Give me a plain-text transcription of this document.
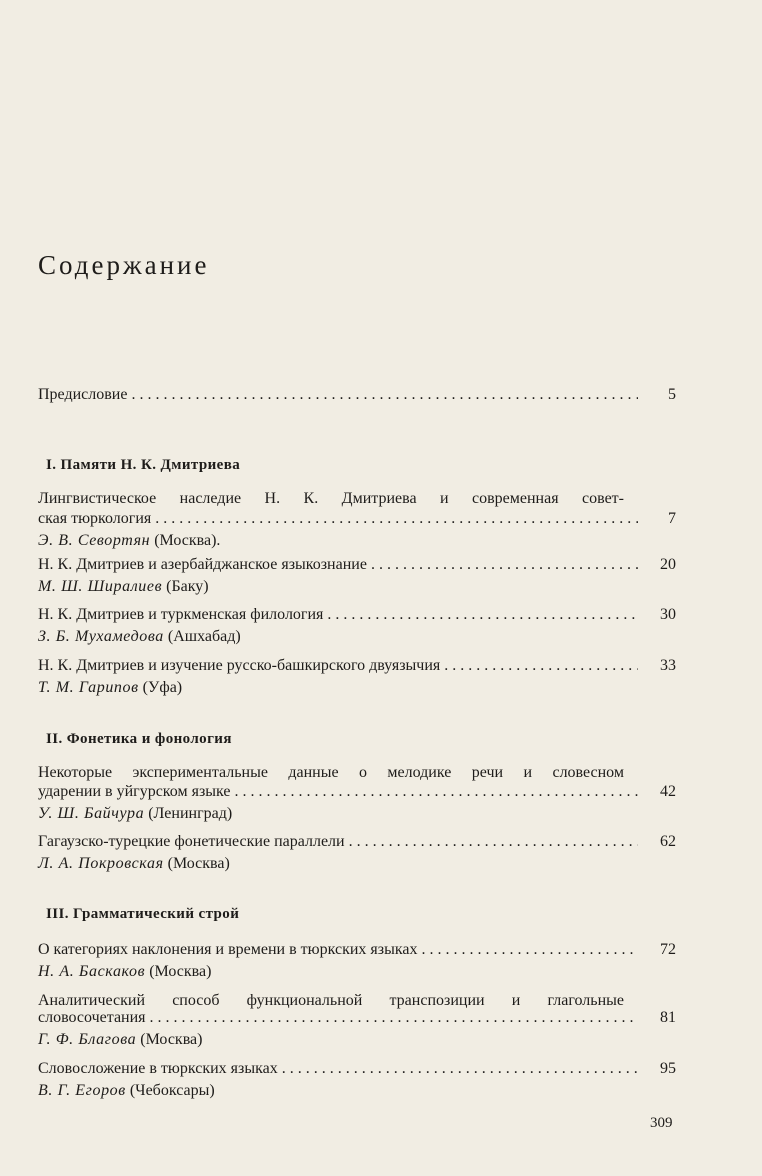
Содержание
Предисловие . . .	5
I. Памяти Н. К. Дмитриева
Лингвистическое наследие Н. К. Дмитриева и современная совет-
ская тюркология . . .	7
Э. В. Севортян (Москва).
Н. К. Дмитриев и азербайджанское языкознание . . .	20
М. Ш. Ширалиев (Баку)
Н. К. Дмитриев и туркменская филология . . .	30
З. Б. Мухамедова (Ашхабад)
Н. К. Дмитриев и изучение русско-башкирского двуязычия . . .	33
Т. М. Гарипов (Уфа)
II. Фонетика и фонология
Некоторые экспериментальные данные о мелодике речи и словесном
ударении в уйгурском языке . . .	42
У. Ш. Байчура (Ленинград)
Гагаузско-турецкие фонетические параллели . . .	62
Л. А. Покровская (Москва)
III. Грамматический строй
О категориях наклонения и времени в тюркских языках . . .	72
Н. А. Баскаков (Москва)
Аналитический способ функциональной транспозиции и глагольные
словосочетания . . .	81
Г. Ф. Благова (Москва)
Словосложение в тюркских языках . . .	95
В. Г. Егоров (Чебоксары)
309
